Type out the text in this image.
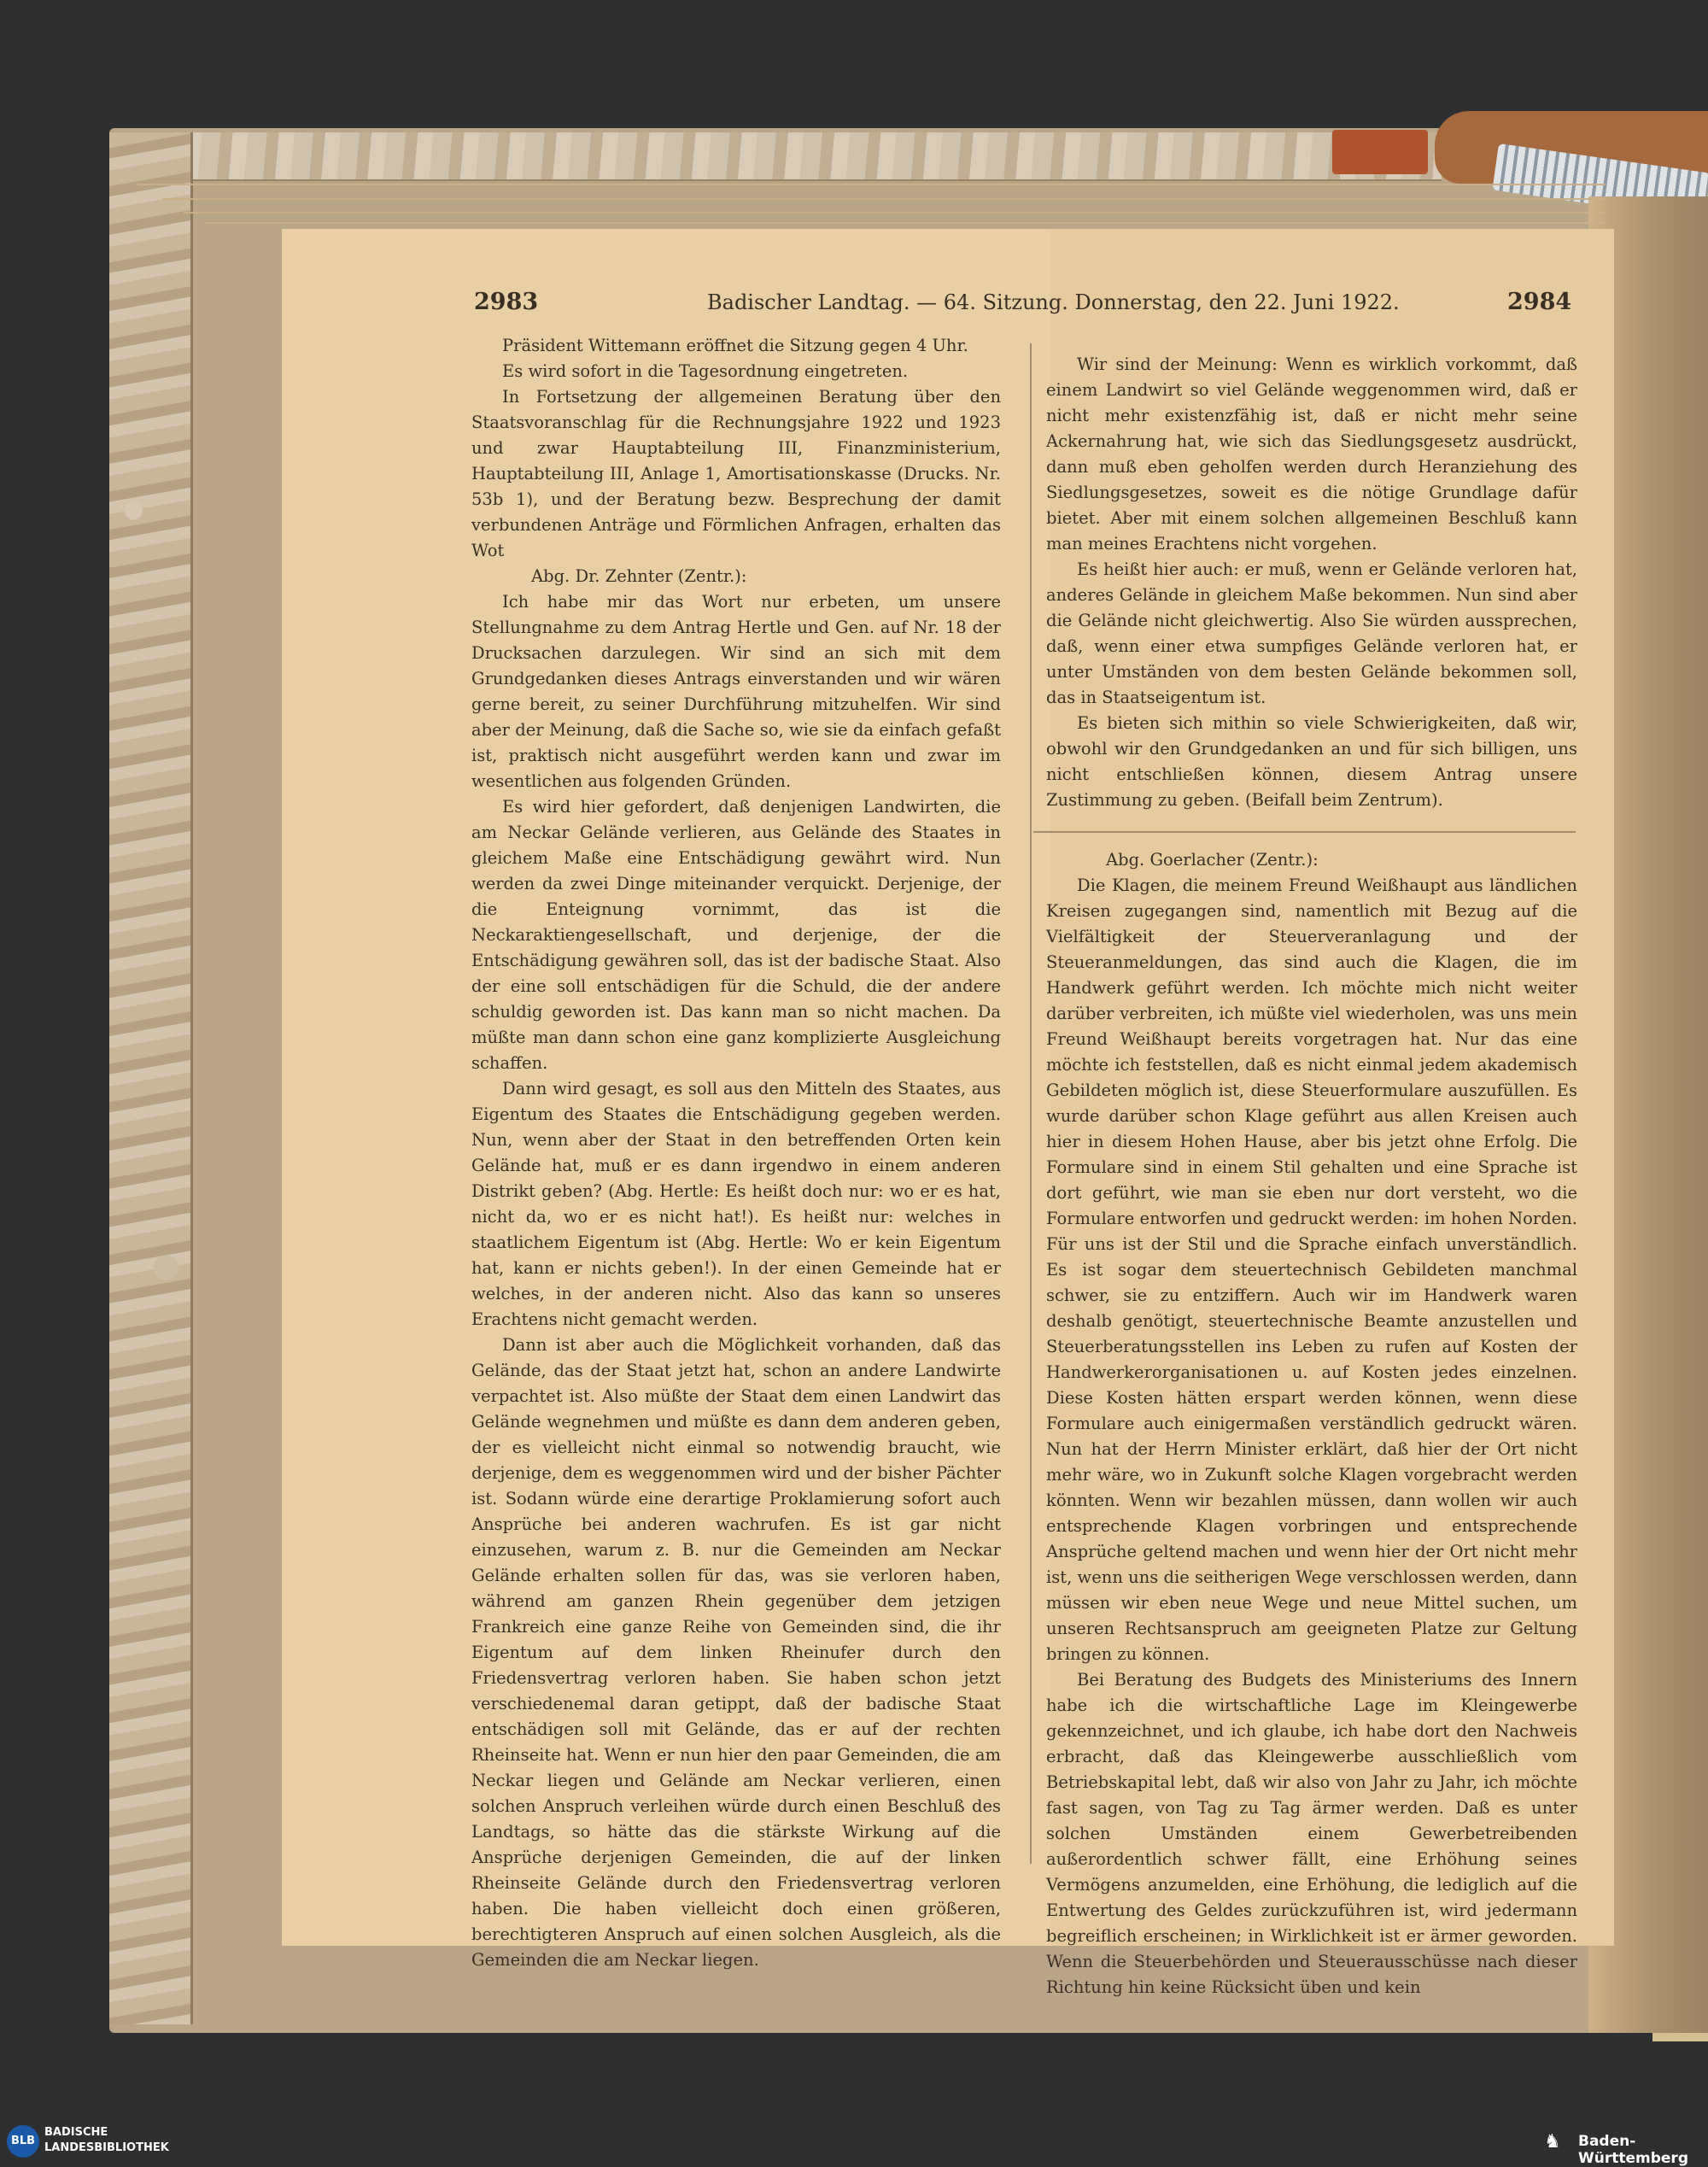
2983	Badischer Landtag. — 64. Sitzung. Donnerstag, den 22. Juni 1922.	2984

Präsident Wittemann eröffnet die Sitzung gegen 4 Uhr.

Es wird sofort in die Tagesordnung eingetreten.

In Fortsetzung der allgemeinen Beratung über den Staatsvoranschlag für die Rechnungsjahre 1922 und 1923 und zwar Hauptabteilung III, Finanzministerium, Hauptabteilung III, Anlage 1, Amortisationskasse (Drucks. Nr. 53b 1), und der Beratung bezw. Besprechung der damit verbundenen Anträge und Förmlichen Anfragen, erhalten das Wot

Abg. Dr. Zehnter (Zentr.):

Ich habe mir das Wort nur erbeten, um unsere Stellungnahme zu dem Antrag Hertle und Gen. auf Nr. 18 der Drucksachen darzulegen. Wir sind an sich mit dem Grundgedanken dieses Antrags einverstanden und wir wären gerne bereit, zu seiner Durchführung mitzuhelfen. Wir sind aber der Meinung, daß die Sache so, wie sie da einfach gefaßt ist, praktisch nicht ausgeführt werden kann und zwar im wesentlichen aus folgenden Gründen.

Es wird hier gefordert, daß denjenigen Landwirten, die am Neckar Gelände verlieren, aus Gelände des Staates in gleichem Maße eine Entschädigung gewährt wird. Nun werden da zwei Dinge miteinander verquickt. Derjenige, der die Enteignung vornimmt, das ist die Neckaraktiengesellschaft, und derjenige, der die Entschädigung gewähren soll, das ist der badische Staat. Also der eine soll entschädigen für die Schuld, die der andere schuldig geworden ist. Das kann man so nicht machen. Da müßte man dann schon eine ganz komplizierte Ausgleichung schaffen.

Dann wird gesagt, es soll aus den Mitteln des Staates, aus Eigentum des Staates die Entschädigung gegeben werden. Nun, wenn aber der Staat in den betreffenden Orten kein Gelände hat, muß er es dann irgendwo in einem anderen Distrikt geben? (Abg. Hertle: Es heißt doch nur: wo er es hat, nicht da, wo er es nicht hat!). Es heißt nur: welches in staatlichem Eigentum ist (Abg. Hertle: Wo er kein Eigentum hat, kann er nichts geben!). In der einen Gemeinde hat er welches, in der anderen nicht. Also das kann so unseres Erachtens nicht gemacht werden.

Dann ist aber auch die Möglichkeit vorhanden, daß das Gelände, das der Staat jetzt hat, schon an andere Landwirte verpachtet ist. Also müßte der Staat dem einen Landwirt das Gelände wegnehmen und müßte es dann dem anderen geben, der es vielleicht nicht einmal so notwendig braucht, wie derjenige, dem es weggenommen wird und der bisher Pächter ist. Sodann würde eine derartige Proklamierung sofort auch Ansprüche bei anderen wachrufen. Es ist gar nicht einzusehen, warum z. B. nur die Gemeinden am Neckar Gelände erhalten sollen für das, was sie verloren haben, während am ganzen Rhein gegenüber dem jetzigen Frankreich eine ganze Reihe von Gemeinden sind, die ihr Eigentum auf dem linken Rheinufer durch den Friedensvertrag verloren haben. Sie haben schon jetzt verschiedenemal daran getippt, daß der badische Staat entschädigen soll mit Gelände, das er auf der rechten Rheinseite hat. Wenn er nun hier den paar Gemeinden, die am Neckar liegen und Gelände am Neckar verlieren, einen solchen Anspruch verleihen würde durch einen Beschluß des Landtags, so hätte das die stärkste Wirkung auf die Ansprüche derjenigen Gemeinden, die auf der linken Rheinseite Gelände durch den Friedensvertrag verloren haben. Die haben vielleicht doch einen größeren, berechtigteren Anspruch auf einen solchen Ausgleich, als die Gemeinden die am Neckar liegen.

Wir sind der Meinung: Wenn es wirklich vorkommt, daß einem Landwirt so viel Gelände weggenommen wird, daß er nicht mehr existenzfähig ist, daß er nicht mehr seine Ackernahrung hat, wie sich das Siedlungsgesetz ausdrückt, dann muß eben geholfen werden durch Heranziehung des Siedlungsgesetzes, soweit es die nötige Grundlage dafür bietet. Aber mit einem solchen allgemeinen Beschluß kann man meines Erachtens nicht vorgehen.

Es heißt hier auch: er muß, wenn er Gelände verloren hat, anderes Gelände in gleichem Maße bekommen. Nun sind aber die Gelände nicht gleichwertig. Also Sie würden aussprechen, daß, wenn einer etwa sumpfiges Gelände verloren hat, er unter Umständen von dem besten Gelände bekommen soll, das in Staatseigentum ist.

Es bieten sich mithin so viele Schwierigkeiten, daß wir, obwohl wir den Grundgedanken an und für sich billigen, uns nicht entschließen können, diesem Antrag unsere Zustimmung zu geben. (Beifall beim Zentrum).

Abg. Goerlacher (Zentr.):

Die Klagen, die meinem Freund Weißhaupt aus ländlichen Kreisen zugegangen sind, namentlich mit Bezug auf die Vielfältigkeit der Steuerveranlagung und der Steueranmeldungen, das sind auch die Klagen, die im Handwerk geführt werden. Ich möchte mich nicht weiter darüber verbreiten, ich müßte viel wiederholen, was uns mein Freund Weißhaupt bereits vorgetragen hat. Nur das eine möchte ich feststellen, daß es nicht einmal jedem akademisch Gebildeten möglich ist, diese Steuerformulare auszufüllen. Es wurde darüber schon Klage geführt aus allen Kreisen auch hier in diesem Hohen Hause, aber bis jetzt ohne Erfolg. Die Formulare sind in einem Stil gehalten und eine Sprache ist dort geführt, wie man sie eben nur dort versteht, wo die Formulare entworfen und gedruckt werden: im hohen Norden. Für uns ist der Stil und die Sprache einfach unverständlich. Es ist sogar dem steuertechnisch Gebildeten manchmal schwer, sie zu entziffern. Auch wir im Handwerk waren deshalb genötigt, steuertechnische Beamte anzustellen und Steuerberatungsstellen ins Leben zu rufen auf Kosten der Handwerkerorganisationen u. auf Kosten jedes einzelnen. Diese Kosten hätten erspart werden können, wenn diese Formulare auch einigermaßen verständlich gedruckt wären. Nun hat der Herrn Minister erklärt, daß hier der Ort nicht mehr wäre, wo in Zukunft solche Klagen vorgebracht werden könnten. Wenn wir bezahlen müssen, dann wollen wir auch entsprechende Klagen vorbringen und entsprechende Ansprüche geltend machen und wenn hier der Ort nicht mehr ist, wenn uns die seitherigen Wege verschlossen werden, dann müssen wir eben neue Wege und neue Mittel suchen, um unseren Rechtsanspruch am geeigneten Platze zur Geltung bringen zu können.

Bei Beratung des Budgets des Ministeriums des Innern habe ich die wirtschaftliche Lage im Kleingewerbe gekennzeichnet, und ich glaube, ich habe dort den Nachweis erbracht, daß das Kleingewerbe ausschließlich vom Betriebskapital lebt, daß wir also von Jahr zu Jahr, ich möchte fast sagen, von Tag zu Tag ärmer werden. Daß es unter solchen Umständen einem Gewerbetreibenden außerordentlich schwer fällt, eine Erhöhung seines Vermögens anzumelden, eine Erhöhung, die lediglich auf die Entwertung des Geldes zurückzuführen ist, wird jedermann begreiflich erscheinen; in Wirklichkeit ist er ärmer geworden. Wenn die Steuerbehörden und Steuerausschüsse nach dieser Richtung hin keine Rücksicht üben und kein

BLB
BADISCHE
LANDESBIBLIOTHEK	♞	Baden-Württemberg
